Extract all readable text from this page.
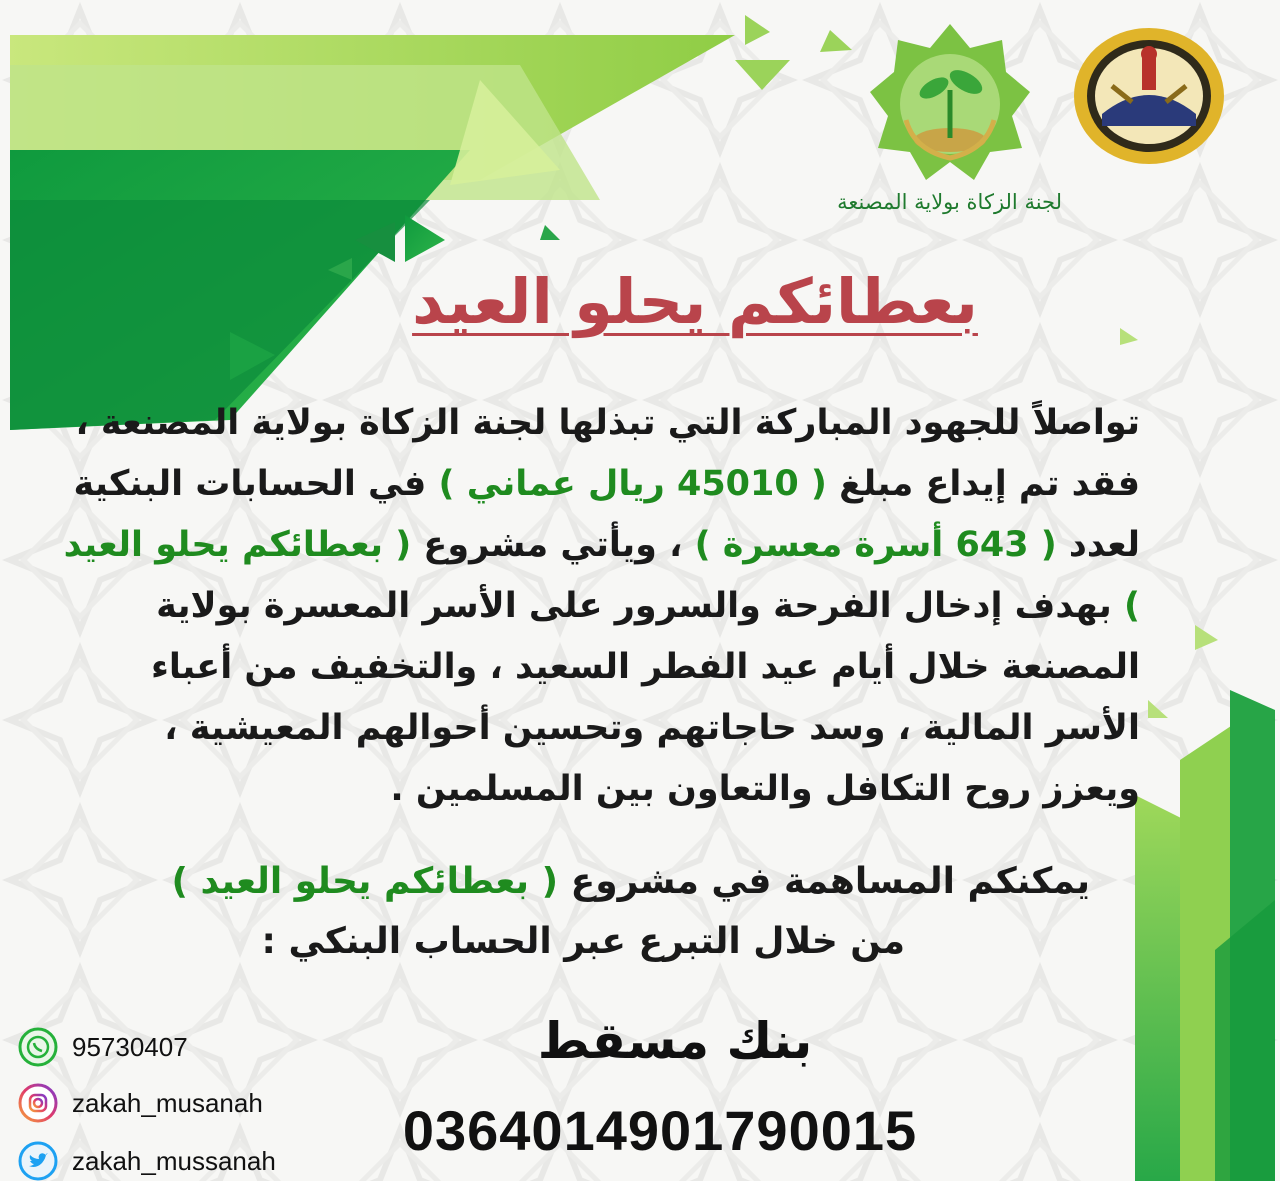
لجنة الزكاة بولاية المصنعة
بعطائكم يحلو العيد
تواصلاً للجهود المباركة التي تبذلها لجنة الزكاة بولاية المصنعة ، فقد تم إيداع مبلغ ( 45010 ريال عماني ) في الحسابات البنكية لعدد ( 643 أسرة معسرة ) ، ويأتي مشروع ( بعطائكم يحلو العيد ) بهدف إدخال الفرحة والسرور على الأسر المعسرة بولاية المصنعة خلال أيام عيد الفطر السعيد ، والتخفيف من أعباء الأسر المالية ، وسد حاجاتهم وتحسين أحوالهم المعيشية ، ويعزز روح التكافل والتعاون بين المسلمين .
يمكنكم المساهمة في مشروع ( بعطائكم يحلو العيد )
من خلال التبرع عبر الحساب البنكي :
بنك مسقط
0364014901790015
95730407
zakah_musanah
zakah_mussanah
